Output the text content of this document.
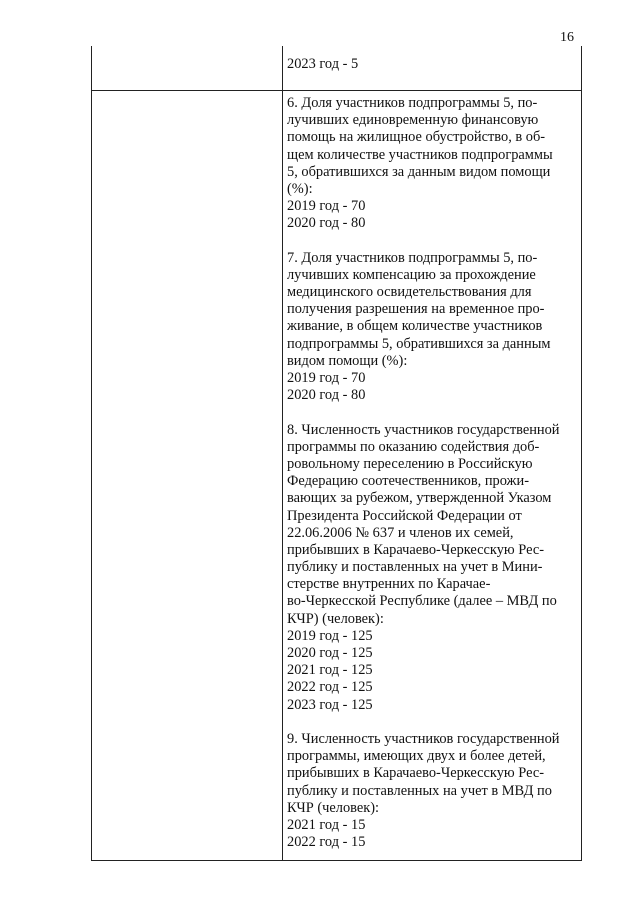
16
2023 год - 5
6. Доля участников подпрограммы 5, по-
лучивших единовременную финансовую
помощь на жилищное обустройство, в об-
щем количестве участников подпрограммы
5, обратившихся за данным видом помощи
(%):
2019 год - 70
2020 год - 80
7. Доля участников подпрограммы 5, по-
лучивших компенсацию за прохождение
медицинского освидетельствования для
получения разрешения на временное про-
живание, в общем количестве участников
подпрограммы 5, обратившихся за данным
видом помощи (%):
2019 год - 70
2020 год - 80
8. Численность участников государственной
программы по оказанию содействия доб-
ровольному переселению в Российскую
Федерацию соотечественников, прожи-
вающих за рубежом, утвержденной Указом
Президента Российской Федерации от
22.06.2006 № 637 и членов их семей,
прибывших в Карачаево-Черкесскую Рес-
публику и поставленных на учет в Мини-
стерстве внутренних по Карачае-
во-Черкесской Республике (далее – МВД по
КЧР) (человек):
2019 год - 125
2020 год - 125
2021 год - 125
2022 год - 125
2023 год - 125
9. Численность участников государственной
программы, имеющих двух и более детей,
прибывших в Карачаево-Черкесскую Рес-
публику и поставленных на учет в МВД по
КЧР (человек):
2021 год - 15
2022 год - 15
